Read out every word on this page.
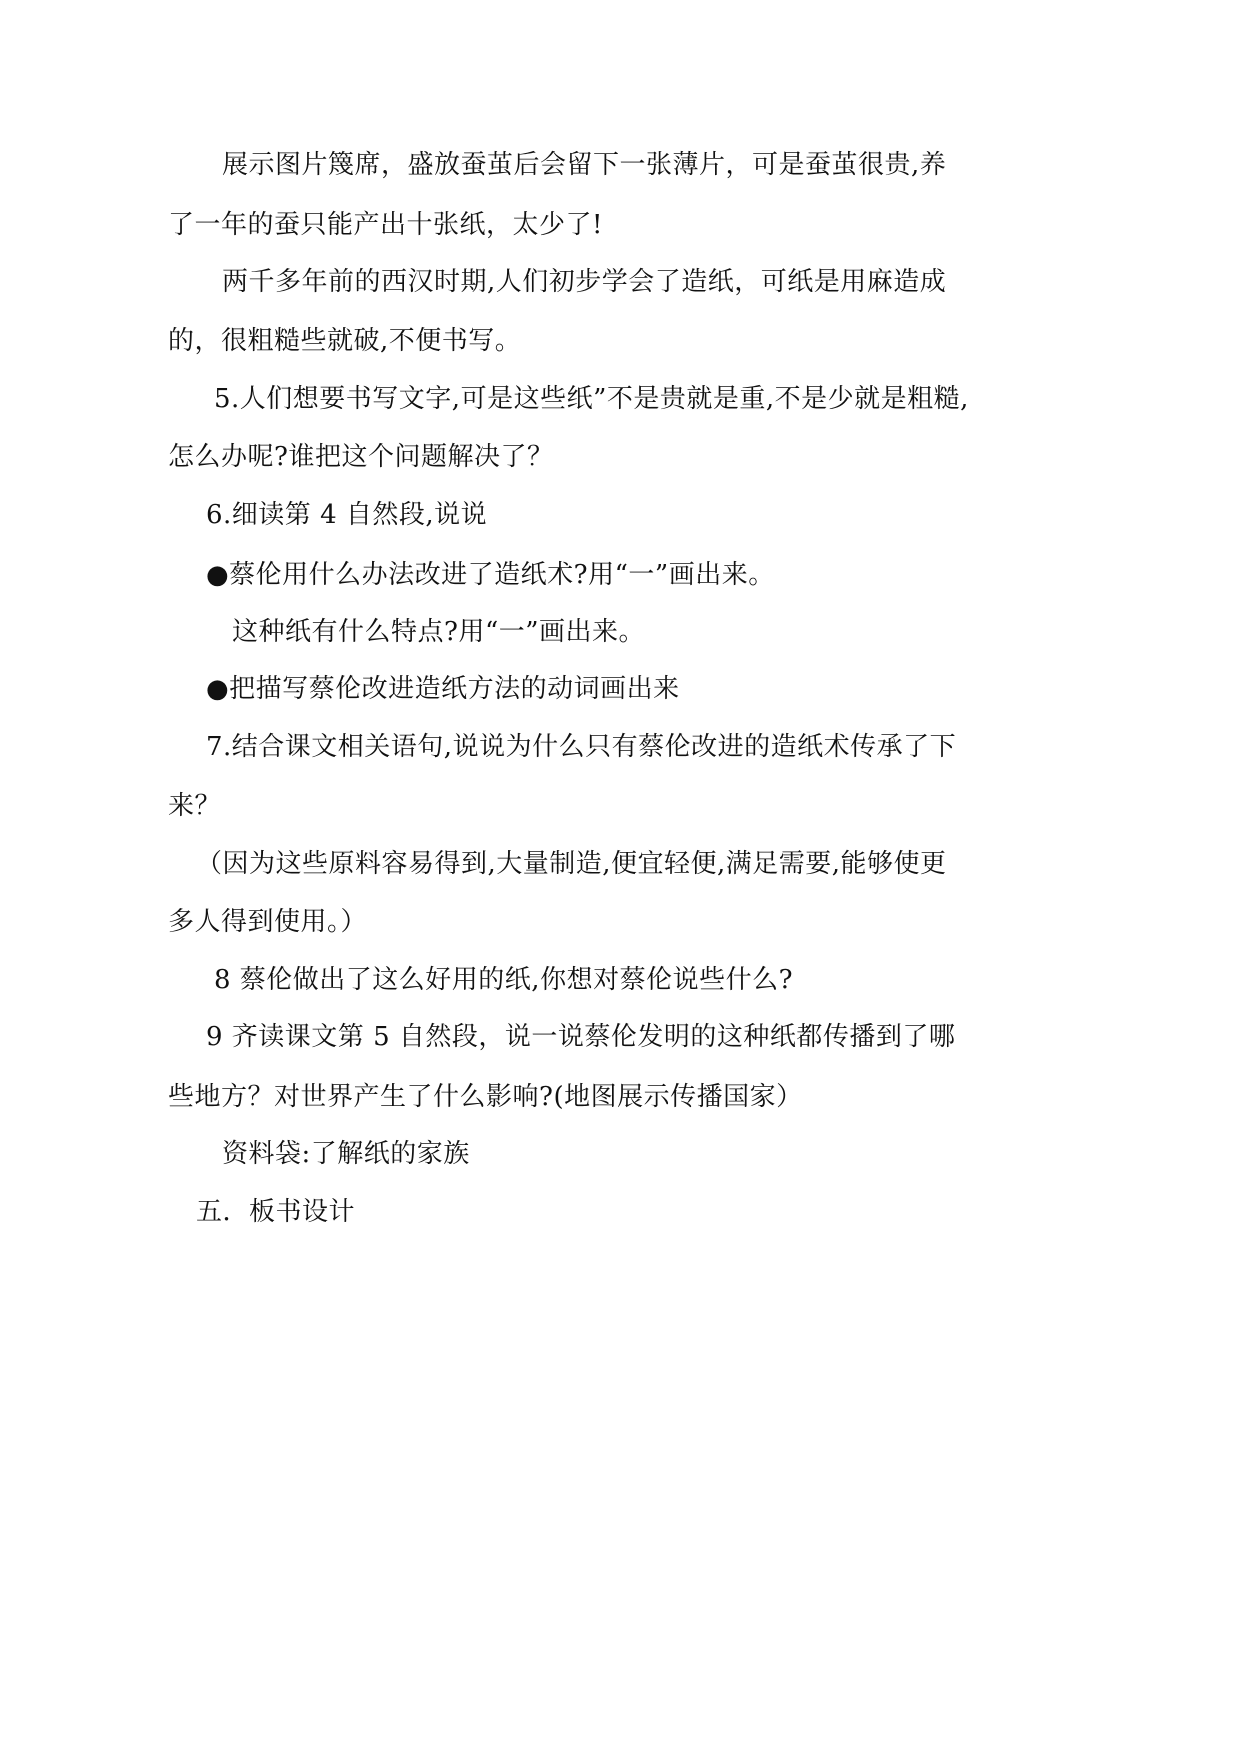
展示图片篾席，盛放蚕茧后会留下一张薄片，可是蚕茧很贵,养
了一年的蚕只能产出十张纸，太少了!
两千多年前的西汉时期,人们初步学会了造纸，可纸是用麻造成
的，很粗糙些就破,不便书写。
5.人们想要书写文字,可是这些纸”不是贵就是重,不是少就是粗糙,
怎么办呢?谁把这个问题解决了？
6.细读第 4 自然段,说说
●蔡伦用什么办法改进了造纸术?用“一”画出来。
这种纸有什么特点?用“一”画出来。
●把描写蔡伦改进造纸方法的动词画出来
7.结合课文相关语句,说说为什么只有蔡伦改进的造纸术传承了下
来？
（因为这些原料容易得到,大量制造,便宜轻便,满足需要,能够使更
多人得到使用。）
8 蔡伦做出了这么好用的纸,你想对蔡伦说些什么?
9 齐读课文第 5 自然段，说一说蔡伦发明的这种纸都传播到了哪
些地方？对世界产生了什么影响?(地图展示传播国家）
资料袋:了解纸的家族
五．板书设计
